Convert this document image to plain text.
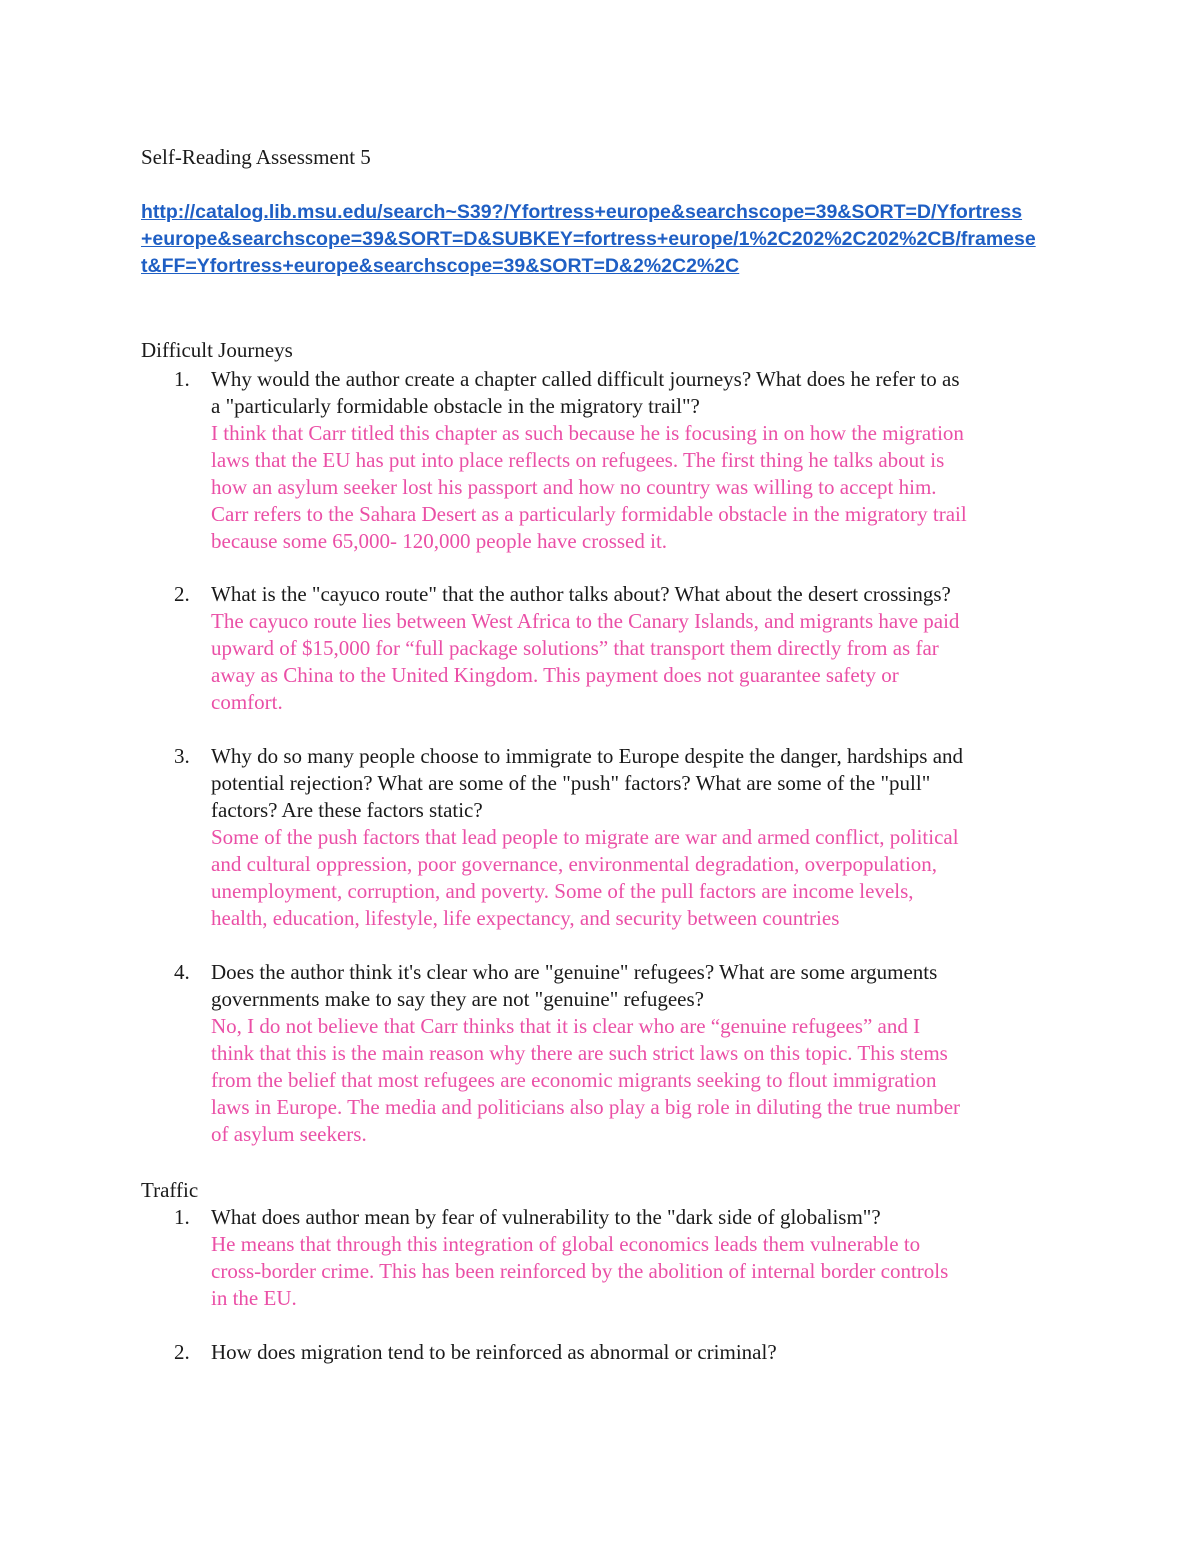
Self-Reading Assessment 5
http://catalog.lib.msu.edu/search~S39?/Yfortress+europe&searchscope=39&SORT=D/Yfortress
+europe&searchscope=39&SORT=D&SUBKEY=fortress+europe/1%2C202%2C202%2CB/framese
t&FF=Yfortress+europe&searchscope=39&SORT=D&2%2C2%2C
Difficult Journeys
1. Why would the author create a chapter called difficult journeys? What does he refer to as
a "particularly formidable obstacle in the migratory trail"?

I think that Carr titled this chapter as such because he is focusing in on how the migration
laws that the EU has put into place reflects on refugees. The first thing he talks about is
how an asylum seeker lost his passport and how no country was willing to accept him.
Carr refers to the Sahara Desert as a particularly formidable obstacle in the migratory trail
because some 65,000- 120,000 people have crossed it.

2. What is the "cayuco route" that the author talks about? What about the desert crossings?

The cayuco route lies between West Africa to the Canary Islands, and migrants have paid
upward of $15,000 for “full package solutions” that transport them directly from as far
away as China to the United Kingdom. This payment does not guarantee safety or
comfort.

3. Why do so many people choose to immigrate to Europe despite the danger, hardships and
potential rejection? What are some of the "push" factors? What are some of the "pull"
factors? Are these factors static?

Some of the push factors that lead people to migrate are war and armed conflict, political
and cultural oppression, poor governance, environmental degradation, overpopulation,
unemployment, corruption, and poverty. Some of the pull factors are income levels,
health, education, lifestyle, life expectancy, and security between countries

4. Does the author think it's clear who are "genuine" refugees? What are some arguments
governments make to say they are not "genuine" refugees?

No, I do not believe that Carr thinks that it is clear who are “genuine refugees” and I
think that this is the main reason why there are such strict laws on this topic. This stems
from the belief that most refugees are economic migrants seeking to flout immigration
laws in Europe. The media and politicians also play a big role in diluting the true number
of asylum seekers.

Traffic
1. What does author mean by fear of vulnerability to the "dark side of globalism"?

He means that through this integration of global economics leads them vulnerable to
cross-border crime. This has been reinforced by the abolition of internal border controls
in the EU.

2. How does migration tend to be reinforced as abnormal or criminal?
